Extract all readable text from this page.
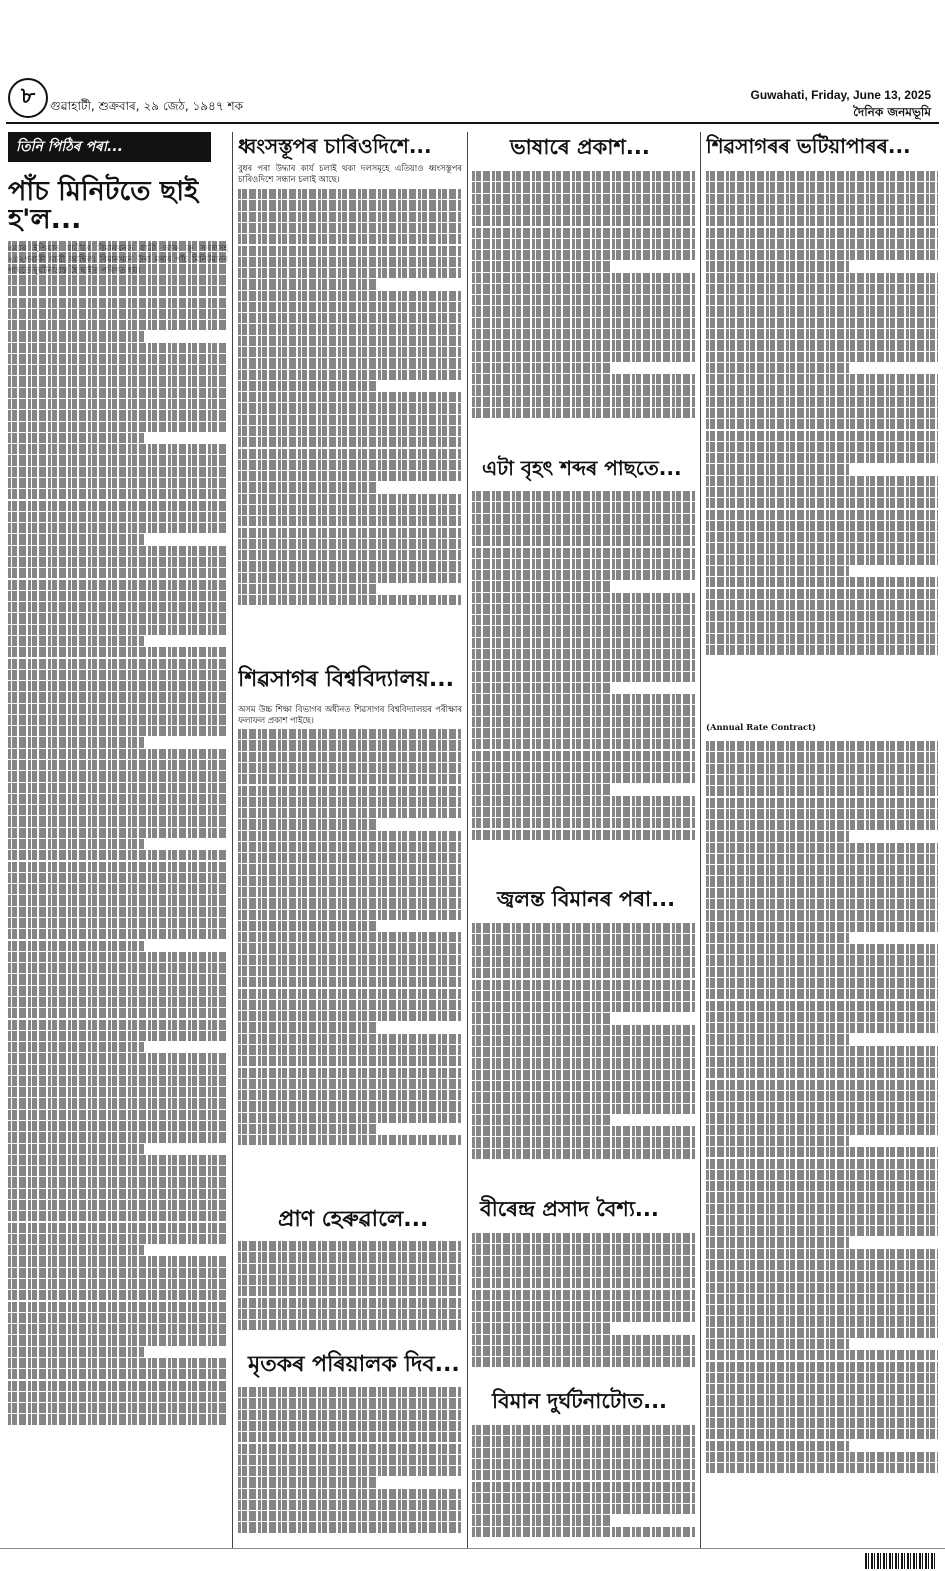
৮	গুৱাহাটী, শুক্ৰবাৰ, ২৯ জেঠ, ১৯৪৭ শক
Guwahati, Friday, June 13, 2025
দৈনিক জনমভূমি
তিনি পিঠিৰ পৰা...
পাঁচ মিনিটতে ছাই হ'ল...

ধ্বংসস্তূপৰ চাৰিওদিশে...

বুধৰ পৰা উদ্ধাৰ কাৰ্য চলাই থকা দলসমূহে এতিয়াও ধ্বংসস্তূপৰ চাৰিওদিশে সন্ধান চলাই আছে।

শিৱসাগৰ বিশ্ববিদ্যালয়...

অসম উচ্চ শিক্ষা বিভাগৰ অধীনত শিৱসাগৰ বিশ্ববিদ্যালয়ৰ পৰীক্ষাৰ ফলাফল প্ৰকাশ পাইছে।

প্ৰাণ হেৰুৱালে...
মৃতকৰ পৰিয়ালক দিব...
ভাষাৰে প্ৰকাশ...
এটা বৃহৎ শব্দৰ পাছতে...
জ্বলন্ত বিমানৰ পৰা...
বীৰেন্দ্ৰ প্ৰসাদ বৈশ্য...
বিমান দুৰ্ঘটনাটোত...
শিৱসাগৰৰ ভটিয়াপাৰৰ...

(Annual Rate Contract)
